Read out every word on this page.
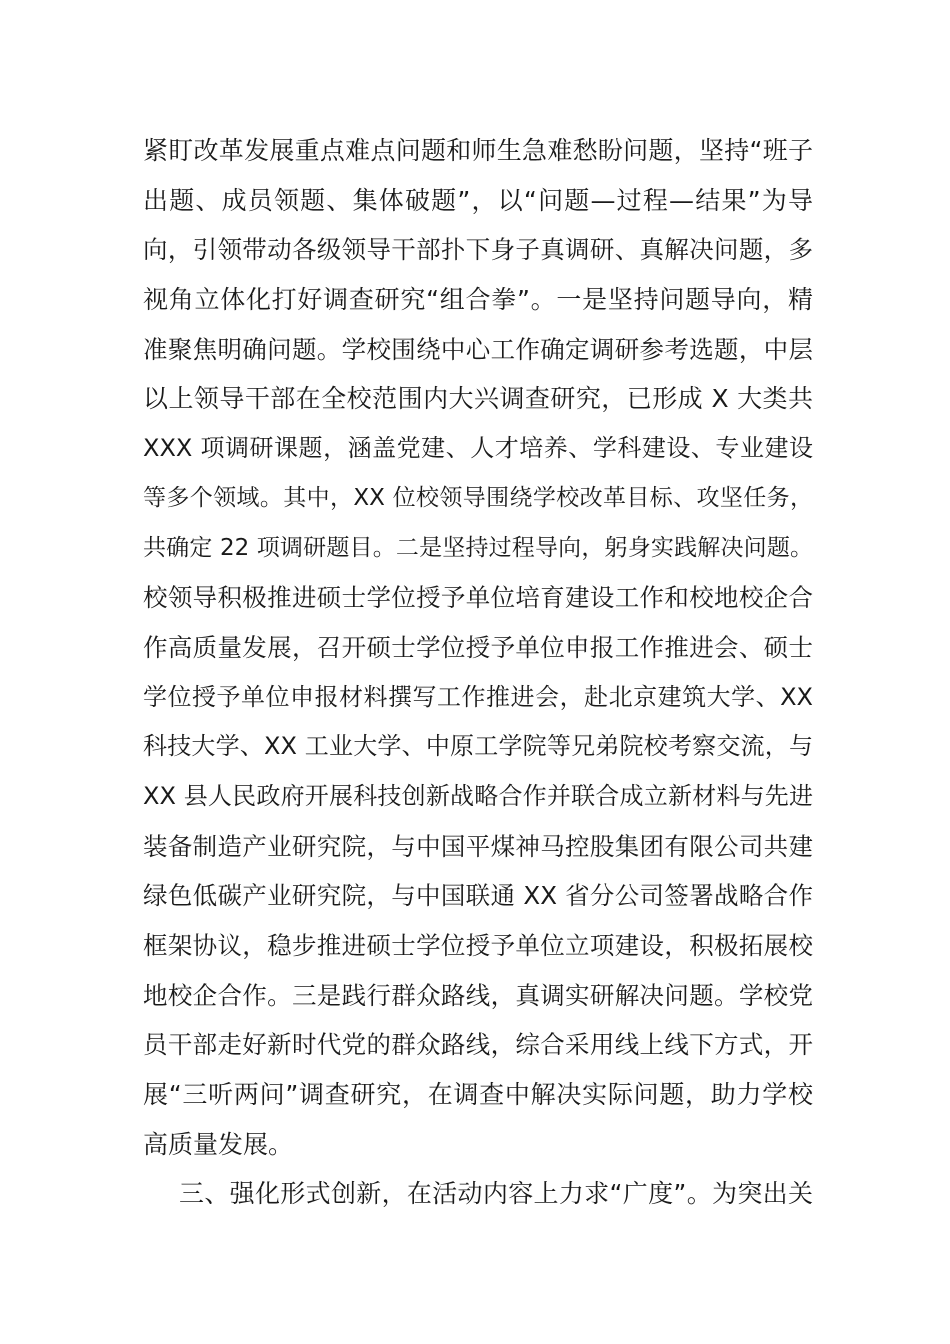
紧盯改革发展重点难点问题和师生急难愁盼问题，坚持“班子
出题、成员领题、集体破题”，以“问题—过程—结果”为导
向，引领带动各级领导干部扑下身子真调研、真解决问题，多
视角立体化打好调查研究“组合拳”。一是坚持问题导向，精
准聚焦明确问题。学校围绕中心工作确定调研参考选题，中层
以上领导干部在全校范围内大兴调查研究，已形成 X 大类共
XXX 项调研课题，涵盖党建、人才培养、学科建设、专业建设
等多个领域。其中，XX 位校领导围绕学校改革目标、攻坚任务，
共确定 22 项调研题目。二是坚持过程导向，躬身实践解决问题。
校领导积极推进硕士学位授予单位培育建设工作和校地校企合
作高质量发展，召开硕士学位授予单位申报工作推进会、硕士
学位授予单位申报材料撰写工作推进会，赴北京建筑大学、XX
科技大学、XX 工业大学、中原工学院等兄弟院校考察交流，与
XX 县人民政府开展科技创新战略合作并联合成立新材料与先进
装备制造产业研究院，与中国平煤神马控股集团有限公司共建
绿色低碳产业研究院，与中国联通 XX 省分公司签署战略合作
框架协议，稳步推进硕士学位授予单位立项建设，积极拓展校
地校企合作。三是践行群众路线，真调实研解决问题。学校党
员干部走好新时代党的群众路线，综合采用线上线下方式，开
展“三听两问”调查研究，在调查中解决实际问题，助力学校
高质量发展。
三、强化形式创新，在活动内容上力求“广度”。为突出关
